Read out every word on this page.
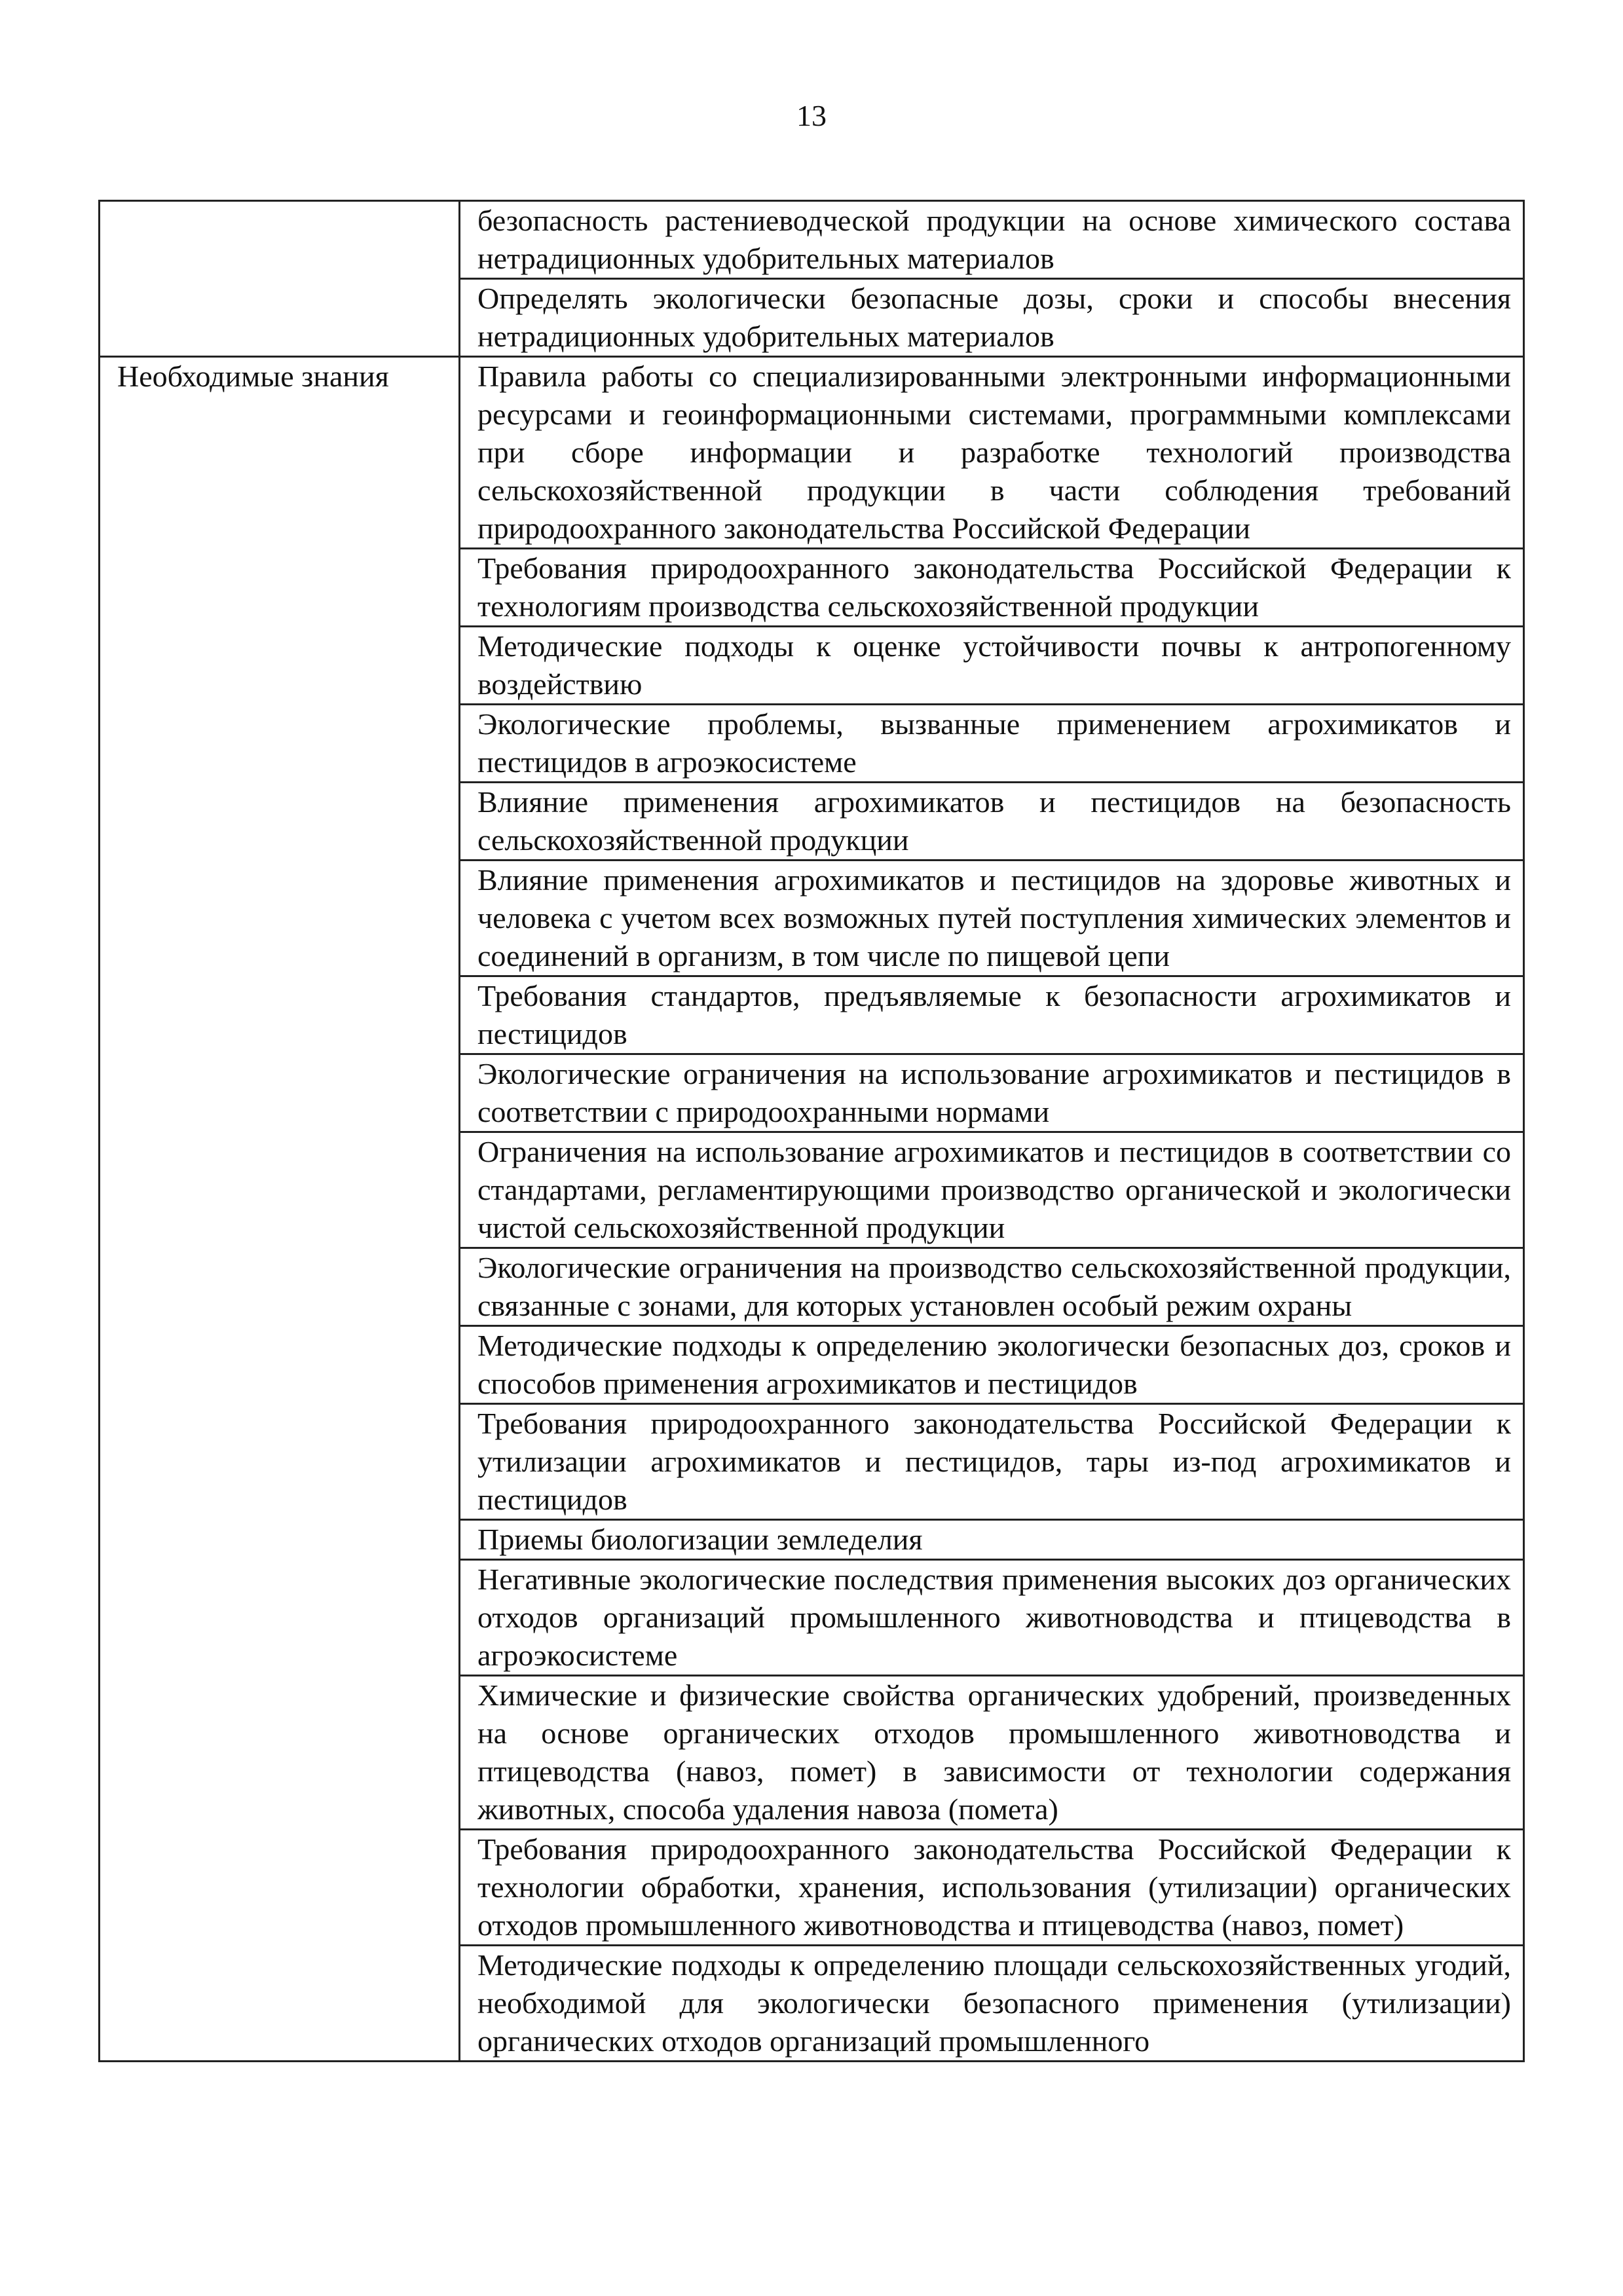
13
	безопасность растениеводческой продукции на основе химического состава нетрадиционных удобрительных материалов
	Определять экологически безопасные дозы, сроки и способы внесения нетрадиционных удобрительных материалов
Необходимые знания	Правила работы со специализированными электронными информационными ресурсами и геоинформационными системами, программными комплексами при сборе информации и разработке технологий производства сельскохозяйственной продукции в части соблюдения требований природоохранного законодательства Российской Федерации
	Требования природоохранного законодательства Российской Федерации к технологиям производства сельскохозяйственной продукции
	Методические подходы к оценке устойчивости почвы к антропогенному воздействию
	Экологические проблемы, вызванные применением агрохимикатов и пестицидов в агроэкосистеме
	Влияние применения агрохимикатов и пестицидов на безопасность сельскохозяйственной продукции
	Влияние применения агрохимикатов и пестицидов на здоровье животных и человека с учетом всех возможных путей поступления химических элементов и соединений в организм, в том числе по пищевой цепи
	Требования стандартов, предъявляемые к безопасности агрохимикатов и пестицидов
	Экологические ограничения на использование агрохимикатов и пестицидов в соответствии с природоохранными нормами
	Ограничения на использование агрохимикатов и пестицидов в соответствии со стандартами, регламентирующими производство органической и экологически чистой сельскохозяйственной продукции
	Экологические ограничения на производство сельскохозяйственной продукции, связанные с зонами, для которых установлен особый режим охраны
	Методические подходы к определению экологически безопасных доз, сроков и способов применения агрохимикатов и пестицидов
	Требования природоохранного законодательства Российской Федерации к утилизации агрохимикатов и пестицидов, тары из-под агрохимикатов и пестицидов
	Приемы биологизации земледелия
	Негативные экологические последствия применения высоких доз органических отходов организаций промышленного животноводства и птицеводства в агроэкосистеме
	Химические и физические свойства органических удобрений, произведенных на основе органических отходов промышленного животноводства и птицеводства (навоз, помет) в зависимости от технологии содержания животных, способа удаления навоза (помета)
	Требования природоохранного законодательства Российской Федерации к технологии обработки, хранения, использования (утилизации) органических отходов промышленного животноводства и птицеводства (навоз, помет)
	Методические подходы к определению площади сельскохозяйственных угодий, необходимой для экологически безопасного применения (утилизации) органических отходов организаций промышленного
